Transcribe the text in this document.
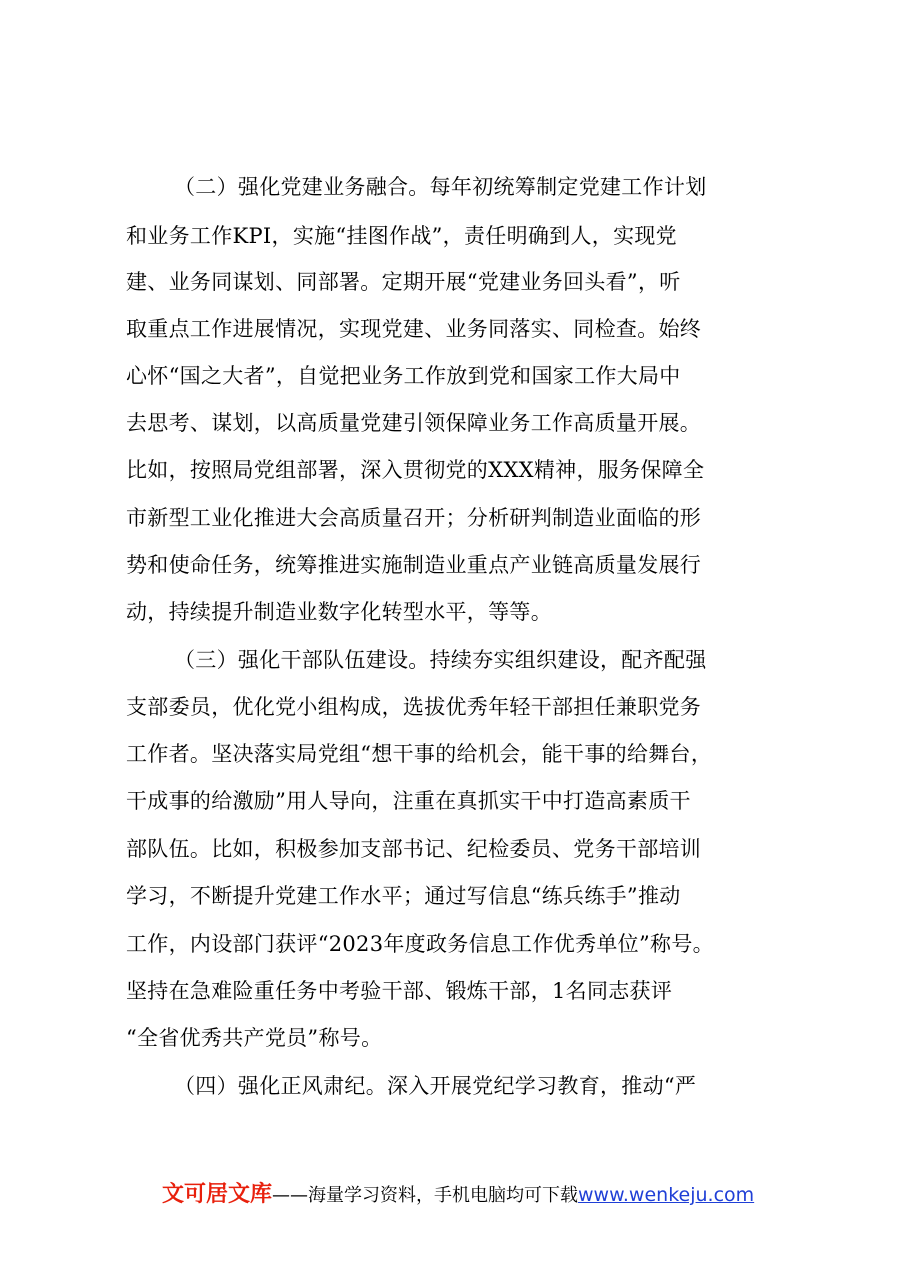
（二）强化党建业务融合。每年初统筹制定党建工作计划
和业务工作KPI，实施“挂图作战”，责任明确到人，实现党
建、业务同谋划、同部署。定期开展“党建业务回头看”，听
取重点工作进展情况，实现党建、业务同落实、同检查。始终
心怀“国之大者”，自觉把业务工作放到党和国家工作大局中
去思考、谋划，以高质量党建引领保障业务工作高质量开展。
比如，按照局党组部署，深入贯彻党的XXX精神，服务保障全
市新型工业化推进大会高质量召开；分析研判制造业面临的形
势和使命任务，统筹推进实施制造业重点产业链高质量发展行
动，持续提升制造业数字化转型水平，等等。
（三）强化干部队伍建设。持续夯实组织建设，配齐配强
支部委员，优化党小组构成，选拔优秀年轻干部担任兼职党务
工作者。坚决落实局党组“想干事的给机会，能干事的给舞台，
干成事的给激励”用人导向，注重在真抓实干中打造高素质干
部队伍。比如，积极参加支部书记、纪检委员、党务干部培训
学习，不断提升党建工作水平；通过写信息“练兵练手”推动
工作，内设部门获评“2023年度政务信息工作优秀单位”称号。
坚持在急难险重任务中考验干部、锻炼干部，1名同志获评
“全省优秀共产党员”称号。
（四）强化正风肃纪。深入开展党纪学习教育，推动“严
文可居文库——海量学习资料，手机电脑均可下载www.wenkeju.com
